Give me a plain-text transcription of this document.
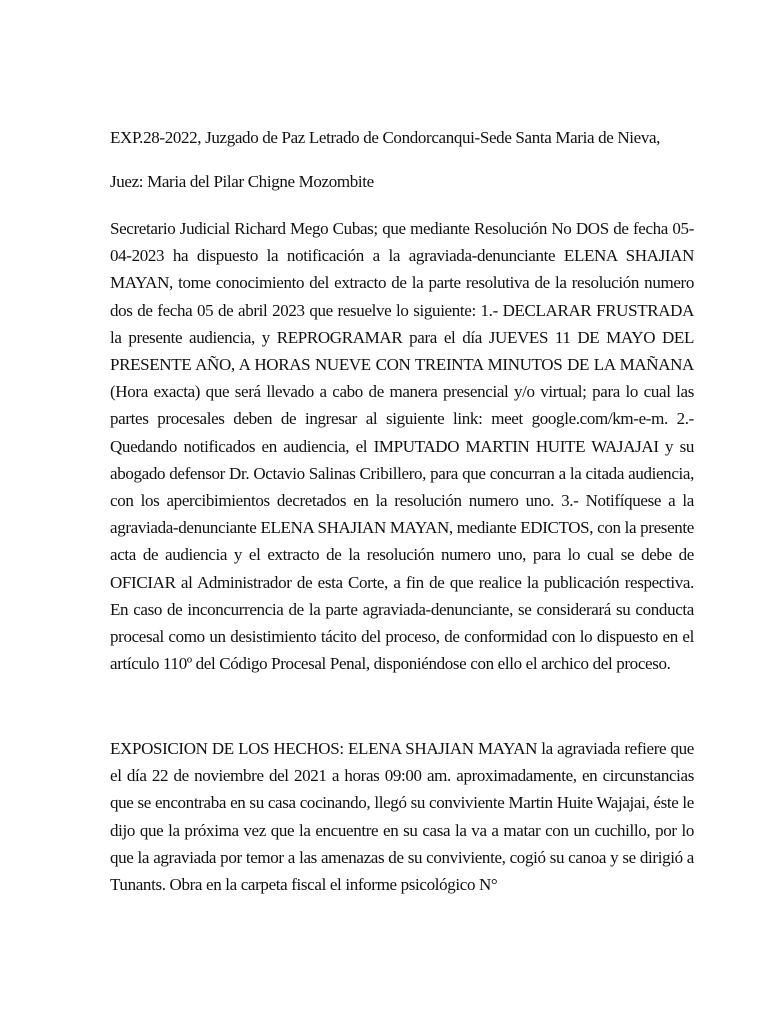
EXP.28-2022, Juzgado de Paz Letrado de Condorcanqui-Sede Santa Maria de Nieva,

Juez: Maria del Pilar Chigne Mozombite

Secretario Judicial Richard Mego Cubas; que mediante Resolución No DOS de fecha 05-04-2023 ha dispuesto la notificación a la agraviada-denunciante ELENA SHAJIAN MAYAN, tome conocimiento del extracto de la parte resolutiva de la resolución numero dos de fecha 05 de abril 2023 que resuelve lo siguiente: 1.- DECLARAR FRUSTRADA la presente audiencia, y REPROGRAMAR para el día JUEVES 11 DE MAYO DEL PRESENTE AÑO, A HORAS NUEVE CON TREINTA MINUTOS DE LA MAÑANA (Hora exacta) que será llevado a cabo de manera presencial y/o virtual; para lo cual las partes procesales deben de ingresar al siguiente link: meet google.com/km-e-m. 2.- Quedando notificados en audiencia, el IMPUTADO MARTIN HUITE WAJAJAI y su abogado defensor Dr. Octavio Salinas Cribillero, para que concurran a la citada audiencia, con los apercibimientos decretados en la resolución numero uno. 3.- Notifíquese a la agraviada-denunciante ELENA SHAJIAN MAYAN, mediante EDICTOS, con la presente acta de audiencia y el extracto de la resolución numero uno, para lo cual se debe de OFICIAR al Administrador de esta Corte, a fin de que realice la publicación respectiva. En caso de inconcurrencia de la parte agraviada-denunciante, se considerará su conducta procesal como un desistimiento tácito del proceso, de conformidad con lo dispuesto en el artículo 110º del Código Procesal Penal, disponiéndose con ello el archico del proceso.

EXPOSICION DE LOS HECHOS: ELENA SHAJIAN MAYAN la agraviada refiere que el día 22 de noviembre del 2021 a horas 09:00 am. aproximadamente, en circunstancias que se encontraba en su casa cocinando, llegó su conviviente Martin Huite Wajajai, éste le dijo que la próxima vez que la encuentre en su casa la va a matar con un cuchillo, por lo que la agraviada por temor a las amenazas de su conviviente, cogió su canoa y se dirigió a Tunants. Obra en la carpeta fiscal el informe psicológico N°
